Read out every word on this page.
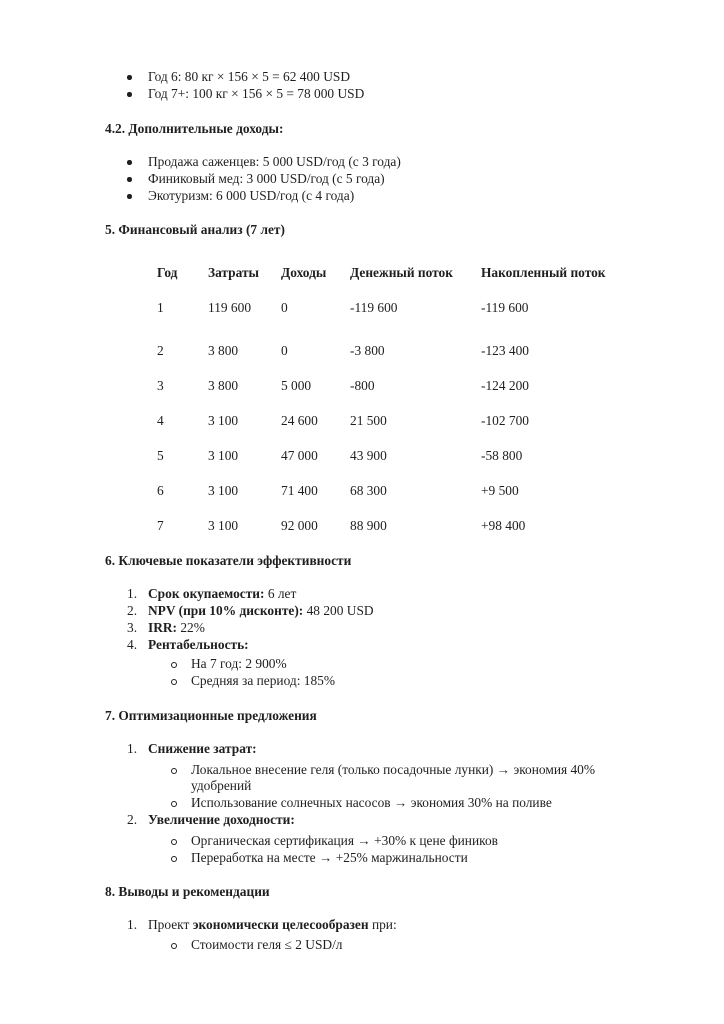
Год 6: 80 кг × 156 × 5 = 62 400 USD
Год 7+: 100 кг × 156 × 5 = 78 000 USD
4.2. Дополнительные доходы:
Продажа саженцев: 5 000 USD/год (с 3 года)
Финиковый мед: 3 000 USD/год (с 5 года)
Экотуризм: 6 000 USD/год (с 4 года)
5. Финансовый анализ (7 лет)
Год	Затраты	Доходы	Денежный поток	Накопленный поток
1	119 600	0	-119 600	-119 600
2	3 800	0	-3 800	-123 400
3	3 800	5 000	-800	-124 200
4	3 100	24 600	21 500	-102 700
5	3 100	47 000	43 900	-58 800
6	3 100	71 400	68 300	+9 500
7	3 100	92 000	88 900	+98 400
6. Ключевые показатели эффективности
1. Срок окупаемости: 6 лет
2. NPV (при 10% дисконте): 48 200 USD
3. IRR: 22%
4. Рентабельность:
На 7 год: 2 900%
Средняя за период: 185%
7. Оптимизационные предложения
1. Снижение затрат:
Локальное внесение геля (только посадочные лунки) → экономия 40%
удобрений
Использование солнечных насосов → экономия 30% на поливе
2. Увеличение доходности:
Органическая сертификация → +30% к цене фиников
Переработка на месте → +25% маржинальности
8. Выводы и рекомендации
1. Проект экономически целесообразен при:
Стоимости геля ≤ 2 USD/л
